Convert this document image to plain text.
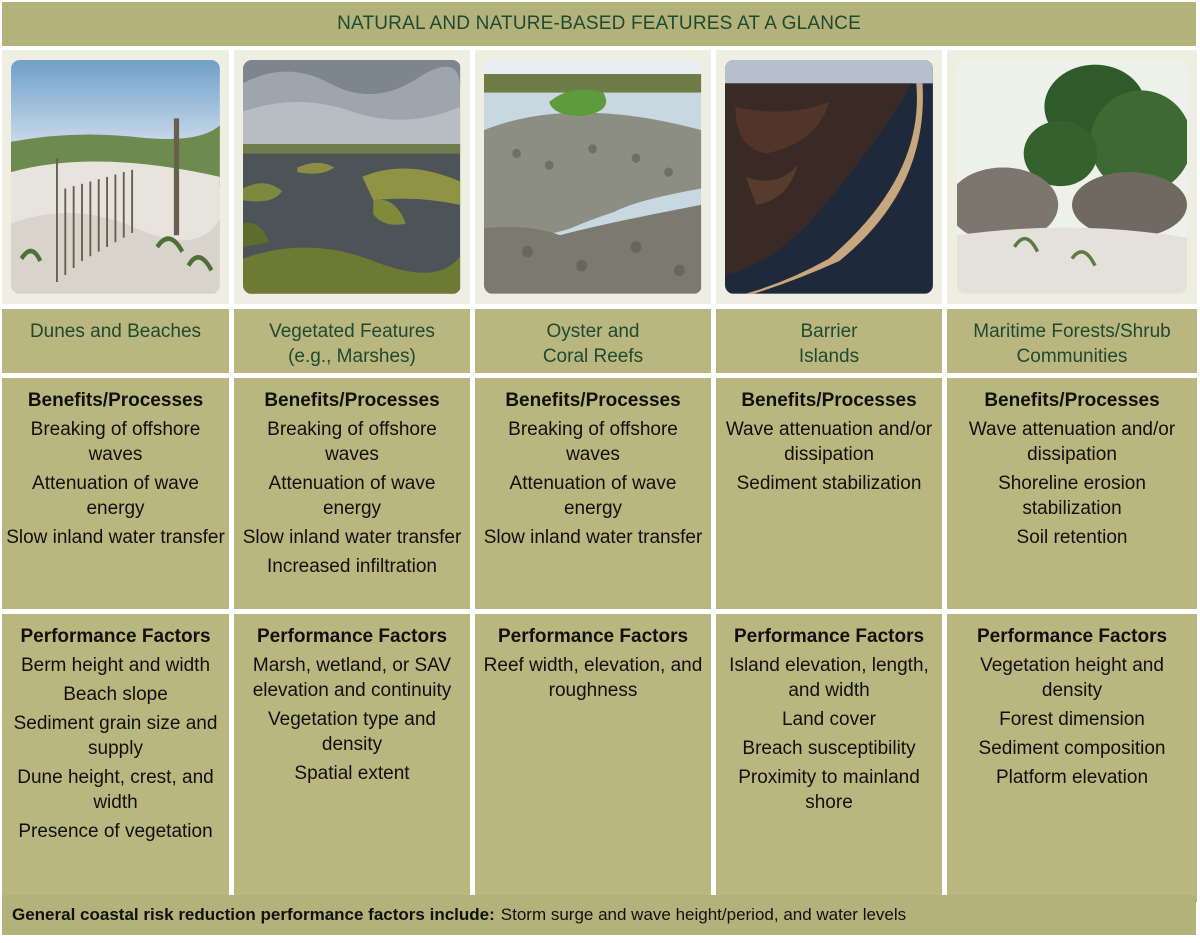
NATURAL AND NATURE-BASED FEATURES AT A GLANCE
Dunes and Beaches	Vegetated Features
(e.g., Marshes)
Oyster and
Coral Reefs
Barrier
Islands
Maritime Forests/Shrub
Communities
Benefits/Processes
Breaking of offshore waves
Attenuation of wave energy
Slow inland water transfer
Benefits/Processes
Breaking of offshore waves
Attenuation of wave energy
Slow inland water transfer
Increased infiltration
Benefits/Processes
Breaking of offshore waves
Attenuation of wave energy
Slow inland water transfer
Benefits/Processes
Wave attenuation and/or dissipation
Sediment stabilization
Benefits/Processes
Wave attenuation and/or dissipation
Shoreline erosion stabilization
Soil retention
Performance Factors
Berm height and width
Beach slope
Sediment grain size and supply
Dune height, crest, and width
Presence of vegetation
Performance Factors
Marsh, wetland, or SAV elevation and continuity
Vegetation type and density
Spatial extent
Performance Factors
Reef width, elevation, and roughness
Performance Factors
Island elevation, length, and width
Land cover
Breach susceptibility
Proximity to mainland shore
Performance Factors
Vegetation height and density
Forest dimension
Sediment composition
Platform elevation
General coastal risk reduction performance factors include: Storm surge and wave height/period, and water levels
